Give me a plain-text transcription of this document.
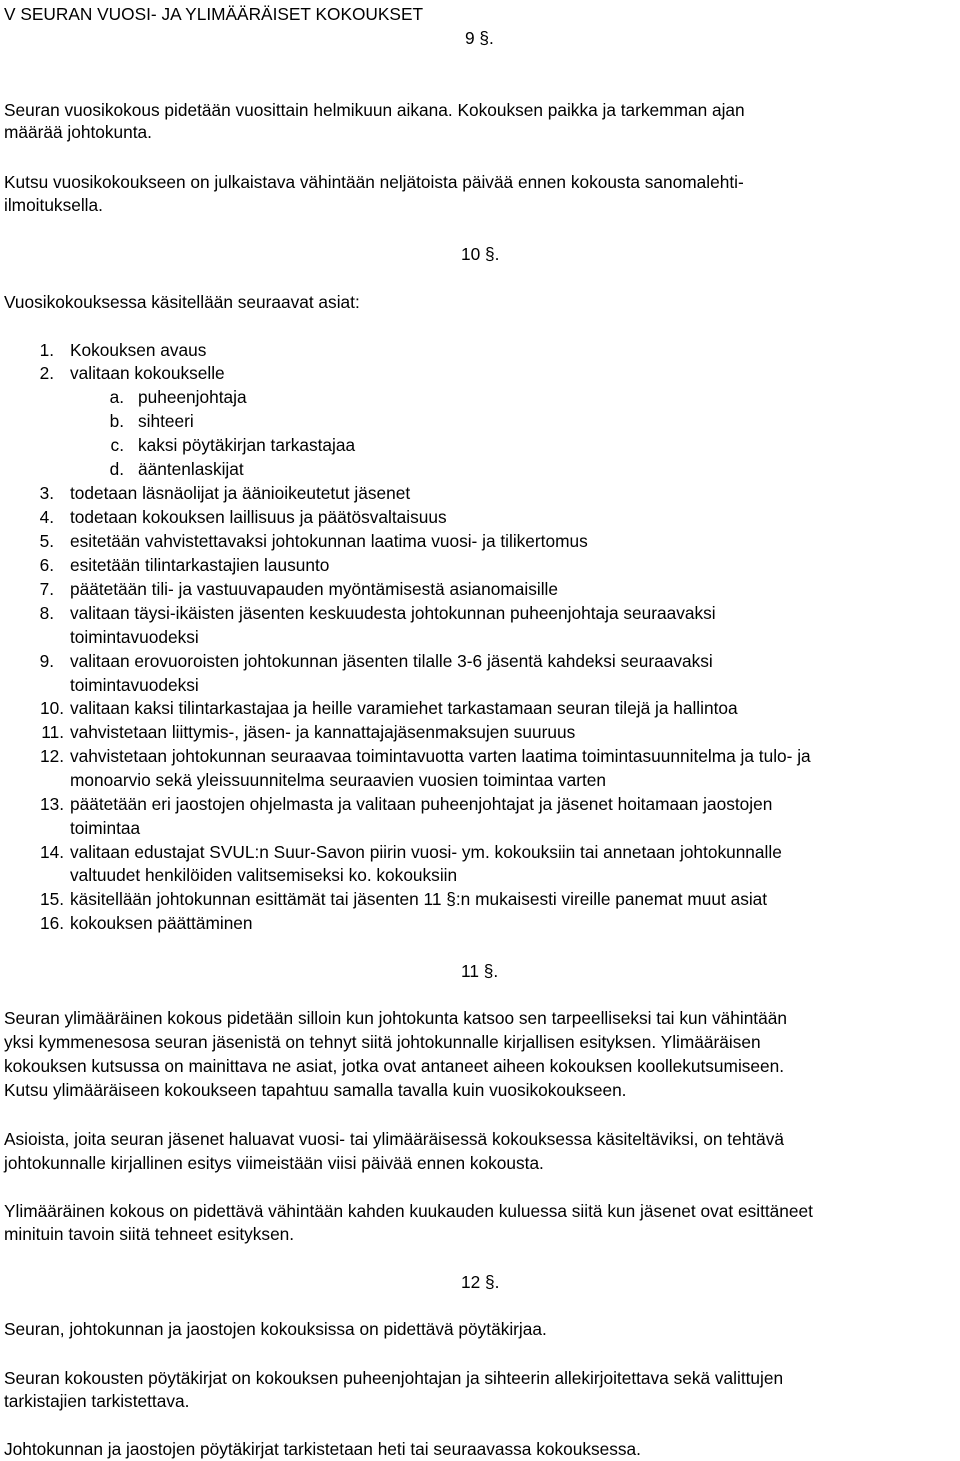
V SEURAN VUOSI- JA YLIMÄÄRÄISET KOKOUKSET
9 §.
Seuran vuosikokous pidetään vuosittain helmikuun aikana. Kokouksen paikka ja tarkemman ajan
määrää johtokunta.
Kutsu vuosikokoukseen on julkaistava vähintään neljätoista päivää ennen kokousta sanomalehti-
ilmoituksella.
10 §.
Vuosikokouksessa käsitellään seuraavat asiat:
1. Kokouksen avaus
2. valitaan kokoukselle
a. puheenjohtaja
b. sihteeri
c. kaksi pöytäkirjan tarkastajaa
d. ääntenlaskijat
3. todetaan läsnäolijat ja äänioikeutetut jäsenet
4. todetaan kokouksen laillisuus ja päätösvaltaisuus
5. esitetään vahvistettavaksi johtokunnan laatima vuosi- ja tilikertomus
6. esitetään tilintarkastajien lausunto
7. päätetään tili- ja vastuuvapauden myöntämisestä asianomaisille
8. valitaan täysi-ikäisten jäsenten keskuudesta johtokunnan puheenjohtaja seuraavaksi
toimintavuodeksi
9. valitaan erovuoroisten johtokunnan jäsenten tilalle 3-6 jäsentä kahdeksi seuraavaksi
toimintavuodeksi
10. valitaan kaksi tilintarkastajaa ja heille varamiehet tarkastamaan seuran tilejä ja hallintoa
11. vahvistetaan liittymis-, jäsen- ja kannattajajäsenmaksujen suuruus
12. vahvistetaan johtokunnan seuraavaa toimintavuotta varten laatima toimintasuunnitelma ja tulo- ja
monoarvio sekä yleissuunnitelma seuraavien vuosien toimintaa varten
13. päätetään eri jaostojen ohjelmasta ja valitaan puheenjohtajat ja jäsenet hoitamaan jaostojen
toimintaa
14. valitaan edustajat SVUL:n Suur-Savon piirin vuosi- ym. kokouksiin tai annetaan johtokunnalle
valtuudet henkilöiden valitsemiseksi ko. kokouksiin
15. käsitellään johtokunnan esittämät tai jäsenten 11 §:n mukaisesti vireille panemat muut asiat
16. kokouksen päättäminen
11 §.
Seuran ylimääräinen kokous pidetään silloin kun johtokunta katsoo sen tarpeelliseksi tai kun vähintään
yksi kymmenesosa seuran jäsenistä on tehnyt siitä johtokunnalle kirjallisen esityksen. Ylimääräisen
kokouksen kutsussa on mainittava ne asiat, jotka ovat antaneet aiheen kokouksen koollekutsumiseen.
Kutsu ylimääräiseen kokoukseen tapahtuu samalla tavalla kuin vuosikokoukseen.
Asioista, joita seuran jäsenet haluavat vuosi- tai ylimääräisessä kokouksessa käsiteltäviksi, on tehtävä
johtokunnalle kirjallinen esitys viimeistään viisi päivää ennen kokousta.
Ylimääräinen kokous on pidettävä vähintään kahden kuukauden kuluessa siitä kun jäsenet ovat esittäneet
minituin tavoin siitä tehneet esityksen.
12 §.
Seuran, johtokunnan ja jaostojen kokouksissa on pidettävä pöytäkirjaa.
Seuran kokousten pöytäkirjat on kokouksen puheenjohtajan ja sihteerin allekirjoitettava sekä valittujen
tarkistajien tarkistettava.
Johtokunnan ja jaostojen pöytäkirjat tarkistetaan heti tai seuraavassa kokouksessa.
